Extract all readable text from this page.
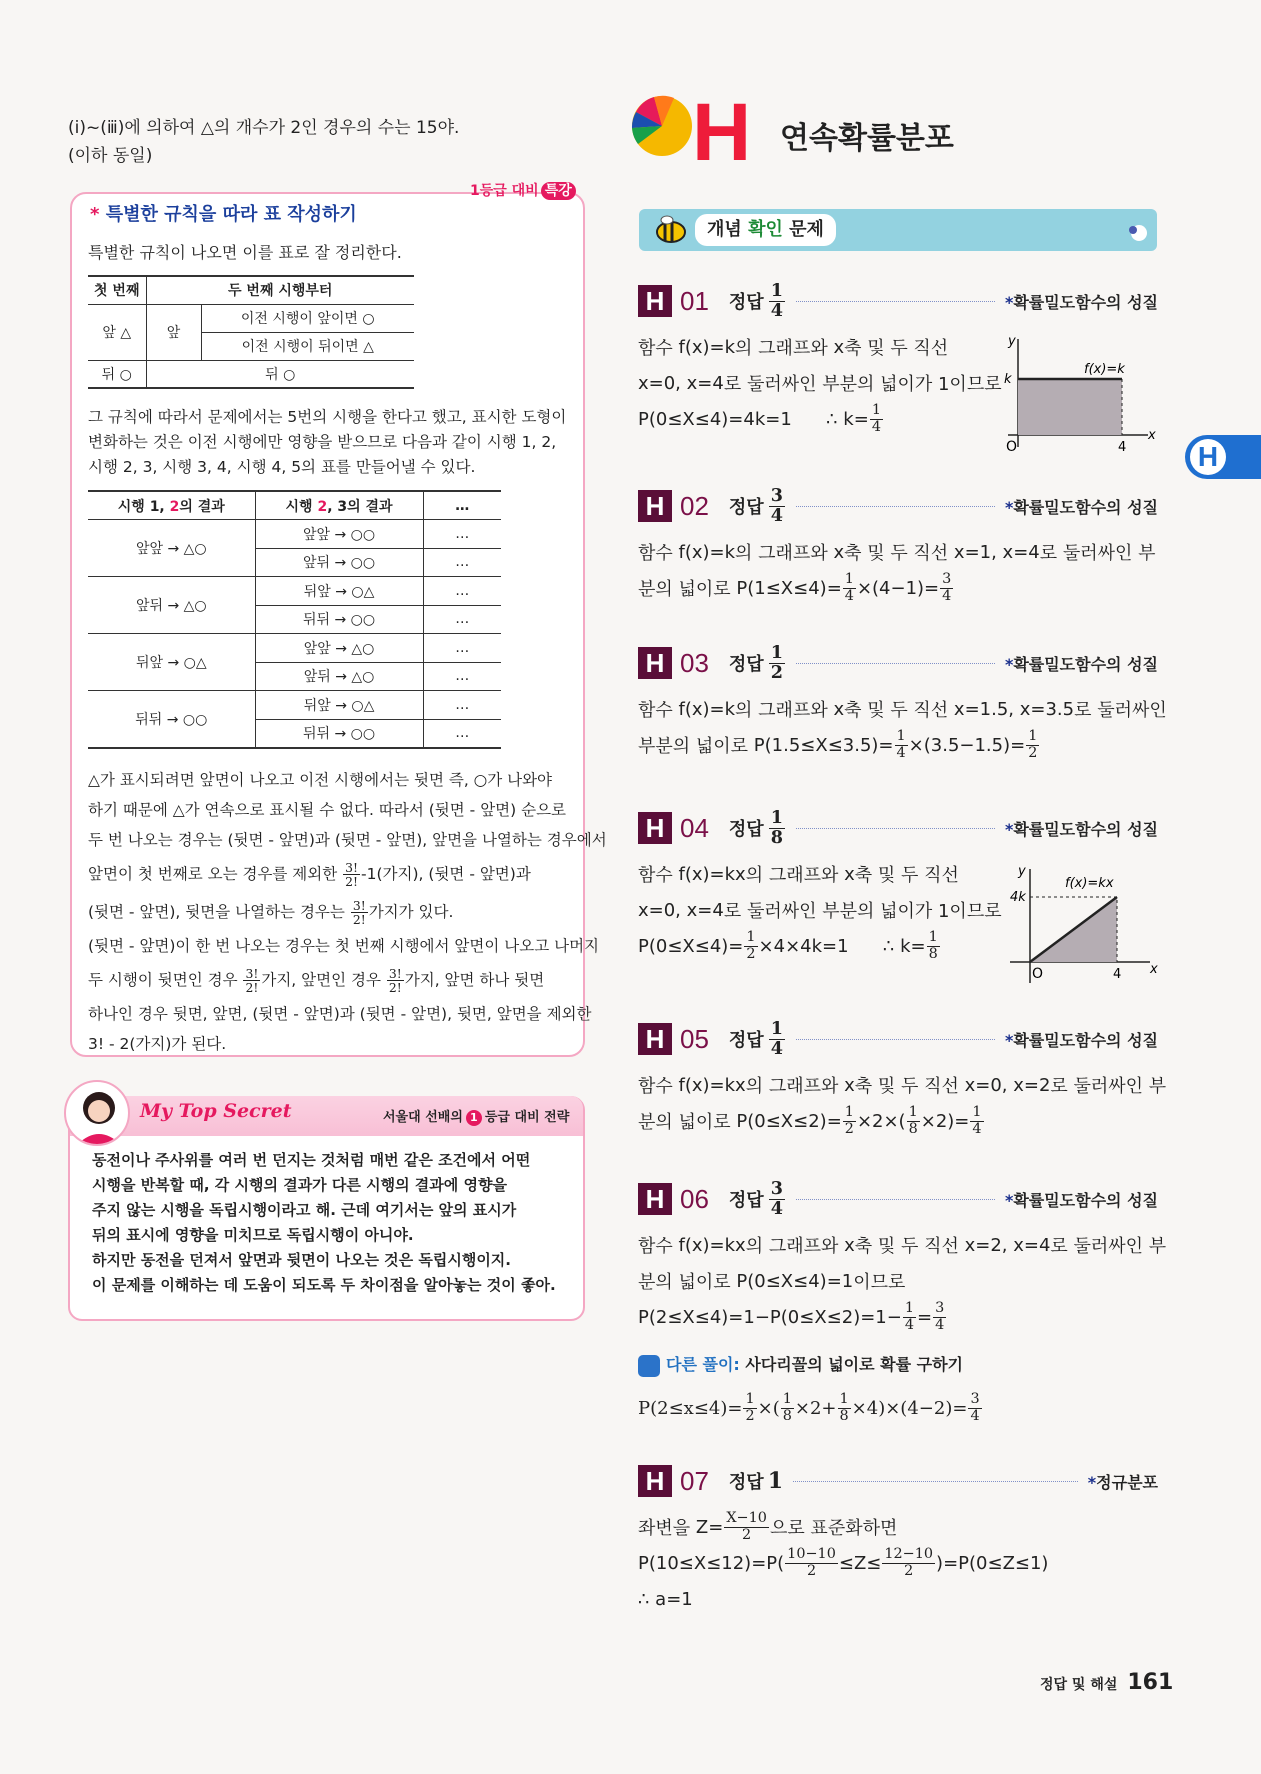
(ⅰ)~(ⅲ)에 의하여 △의 개수가 2인 경우의 수는 15야.
(이하 동일)
1등급 대비 특강
* 특별한 규칙을 따라 표 작성하기
특별한 규칙이 나오면 이를 표로 잘 정리한다.
첫 번째	두 번째 시행부터	
앞 △	앞	이전 시행이 앞이면 ○
		이전 시행이 뒤이면 △
뒤 ○	뒤 ○	
그 규칙에 따라서 문제에서는 5번의 시행을 한다고 했고, 표시한 도형이
변화하는 것은 이전 시행에만 영향을 받으므로 다음과 같이 시행 1, 2,
시행 2, 3, 시행 3, 4, 시행 4, 5의 표를 만들어낼 수 있다.
시행 1, 2의 결과	시행 2, 3의 결과	…
앞앞 → △○	앞앞 → ○○	…
	앞뒤 → ○○	…
앞뒤 → △○	뒤앞 → ○△	…
	뒤뒤 → ○○	…
뒤앞 → ○△	앞앞 → △○	…
	앞뒤 → △○	…
뒤뒤 → ○○	뒤앞 → ○△	…
	뒤뒤 → ○○	…
△가 표시되려면 앞면이 나오고 이전 시행에서는 뒷면 즉, ○가 나와야
하기 때문에 △가 연속으로 표시될 수 없다. 따라서 (뒷면 - 앞면) 순으로
두 번 나오는 경우는 (뒷면 - 앞면)과 (뒷면 - 앞면), 앞면을 나열하는 경우에서
앞면이 첫 번째로 오는 경우를 제외한 $\frac{3!}{2!} -1$(가지), (뒷면 - 앞면)과
(뒷면 - 앞면), 뒷면을 나열하는 경우는 $\frac{3!}{2!}$ 가지가 있다.
(뒷면 - 앞면)이 한 번 나오는 경우는 첫 번째 시행에서 앞면이 나오고 나머지
두 시행이 뒷면인 경우 $\frac{3!}{2!}$ 가지, 앞면인 경우 $\frac{3!}{2!}$ 가지, 앞면 하나 뒷면
하나인 경우 뒷면, 앞면, (뒷면 - 앞면)과 (뒷면 - 앞면), 뒷면, 앞면을 제외한
3! - 2(가지)가 된다.
My Top Secret	서울대 선배의 1 등급 대비 전략
동전이나 주사위를 여러 번 던지는 것처럼 매번 같은 조건에서 어떤
시행을 반복할 때, 각 시행의 결과가 다른 시행의 결과에 영향을
주지 않는 시행을 독립시행이라고 해. 근데 여기서는 앞의 표시가
뒤의 표시에 영향을 미치므로 독립시행이 아니야.
하지만 동전을 던져서 앞면과 뒷면이 나오는 것은 독립시행이지.
이 문제를 이해하는 데 도움이 되도록 두 차이점을 알아놓는 것이 좋아.
H 연속확률분포
개념 확인 문제
H 01 정답 $\frac{1}{4}$	*확률밀도함수의 성질
함수 f(x)=k 의 그래프와 x 축 및 두 직선
x=0, x=4 로 둘러싸인 부분의 넓이가 1이므로
P(0≤X≤4)=4k=1 ∴ $k= \frac{1}{4}$
H 02 정답 $\frac{3}{4}$	*확률밀도함수의 성질
함수 f(x)=k 의 그래프와 x 축 및 두 직선 x=1, x=4 로 둘러싸인 부
분의 넓이로 $P(1\le X\le 4)= \frac{1}{4} \times(4-1)= \frac{3}{4}$
H 03 정답 $\frac{1}{2}$	*확률밀도함수의 성질
함수 f(x)=k 의 그래프와 x 축 및 두 직선 x=1.5, x=3.5 로 둘러싸인
부분의 넓이로 $P(1.5\le X\le 3.5)= \frac{1}{4} \times(3.5-1.5)= \frac{1}{2}$
H 04 정답 $\frac{1}{8}$	*확률밀도함수의 성질
함수 f(x)=kx 의 그래프와 x 축 및 두 직선
x=0, x=4 로 둘러싸인 부분의 넓이가 1이므로
$P(0\le X\le 4)= \frac{1}{2} \times 4\times 4k=1$ ∴ $k= \frac{1}{8}$
H 05 정답 $\frac{1}{4}$	*확률밀도함수의 성질
함수 f(x)=kx 의 그래프와 x 축 및 두 직선 x=0, x=2 로 둘러싸인 부
분의 넓이로 $P(0\le X\le 2)= \frac{1}{2} \times 2\times( \frac{1}{8} \times 2)= \frac{1}{4}$
H 06 정답 $\frac{3}{4}$	*확률밀도함수의 성질
함수 f(x)=kx 의 그래프와 x 축 및 두 직선 x=2, x=4 로 둘러싸인 부
분의 넓이로 P(0≤X≤4)=1 이므로
$P(2\le X\le 4)=1-P(0\le X\le 2)=1- \frac{1}{4} = \frac{3}{4}$
H 07 정답 1	*정규분포
좌변을 $Z= \frac{X-10}{2}$ 으로 표준화하면
$P(10\le X\le 12)=P( \frac{10-10}{2} \le Z\le \frac{12-10}{2} )=P(0\le Z\le 1)$
∴ a=1
y
x
O	4
k
f(x)=k
y
x
O	4
4k
f(x)=kx
다른 풀이: 사다리꼴의 넓이로 확률 구하기
$P(2\le x\le 4)= \frac{1}{2}$ ×( $\frac{1}{8} \times 2+ \frac{1}{8} \times 4)\times(4-2)= \frac{3}{4}$
정답 및 해설 161
H
